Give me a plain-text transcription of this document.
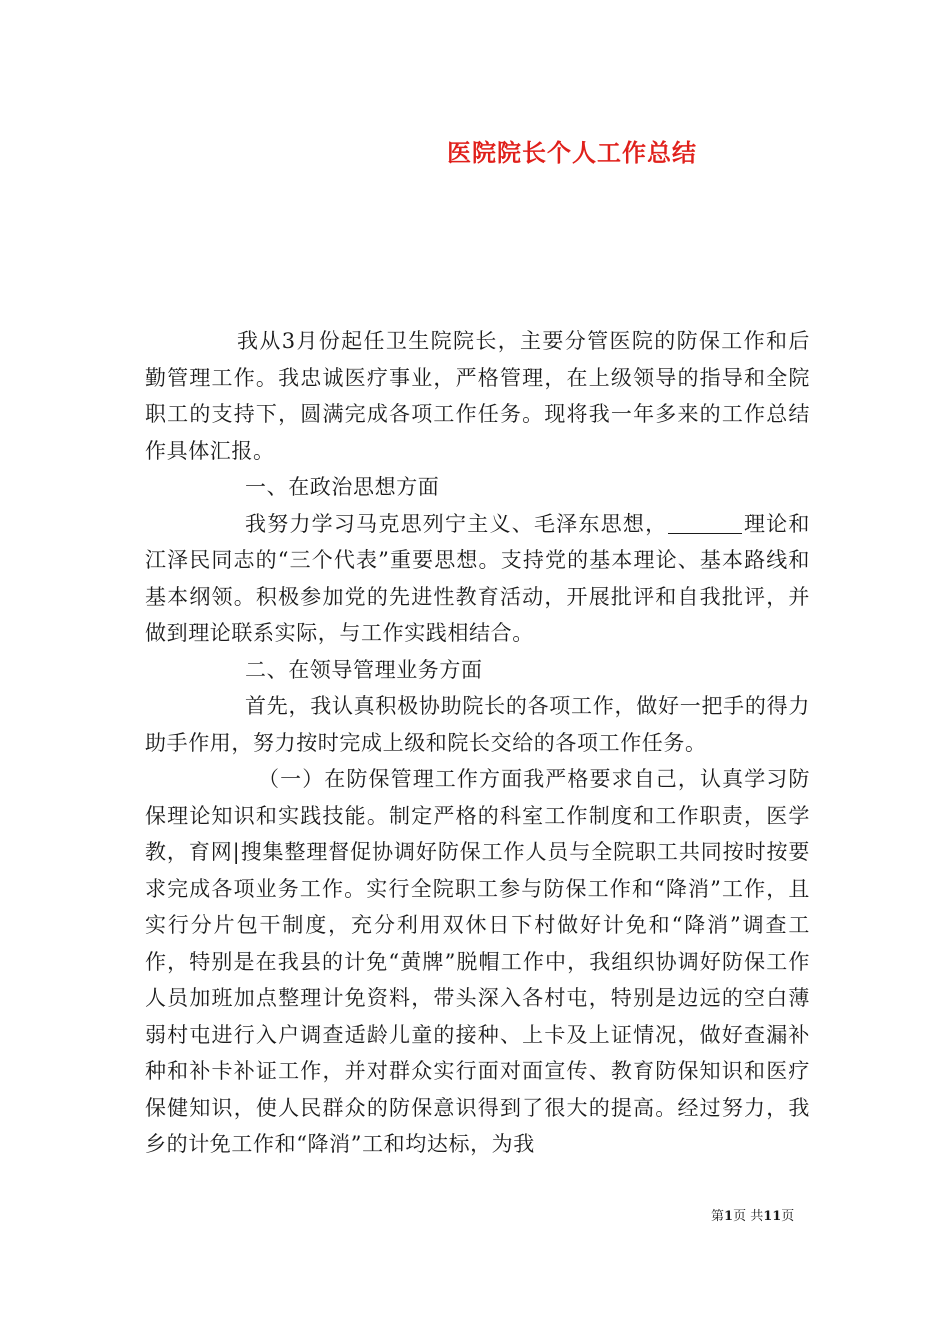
医院院长个人工作总结

我从3月份起任卫生院院长，主要分管医院的防保工作和后勤管理工作。我忠诚医疗事业，严格管理，在上级领导的指导和全院职工的支持下，圆满完成各项工作任务。现将我一年多来的工作总结作具体汇报。

一、在政治思想方面

我努力学习马克思列宁主义、毛泽东思想，	理论和江泽民同志的“三个代表”重要思想。支持党的基本理论、基本路线和基本纲领。积极参加党的先进性教育活动，开展批评和自我批评，并做到理论联系实际，与工作实践相结合。

二、在领导管理业务方面

首先，我认真积极协助院长的各项工作，做好一把手的得力助手作用，努力按时完成上级和院长交给的各项工作任务。

（一）在防保管理工作方面我严格要求自己，认真学习防保理论知识和实践技能。制定严格的科室工作制度和工作职责，医学教，育网|搜集整理督促协调好防保工作人员与全院职工共同按时按要求完成各项业务工作。实行全院职工参与防保工作和“降消”工作，且实行分片包干制度，充分利用双休日下村做好计免和“降消”调查工作，特别是在我县的计免“黄牌”脱帽工作中，我组织协调好防保工作人员加班加点整理计免资料，带头深入各村屯，特别是边远的空白薄弱村屯进行入户调查适龄儿童的接种、上卡及上证情况，做好查漏补种和补卡补证工作，并对群众实行面对面宣传、教育防保知识和医疗保健知识，使人民群众的防保意识得到了很大的提高。经过努力，我乡的计免工作和“降消”工和均达标，为我

第1页 共11页
